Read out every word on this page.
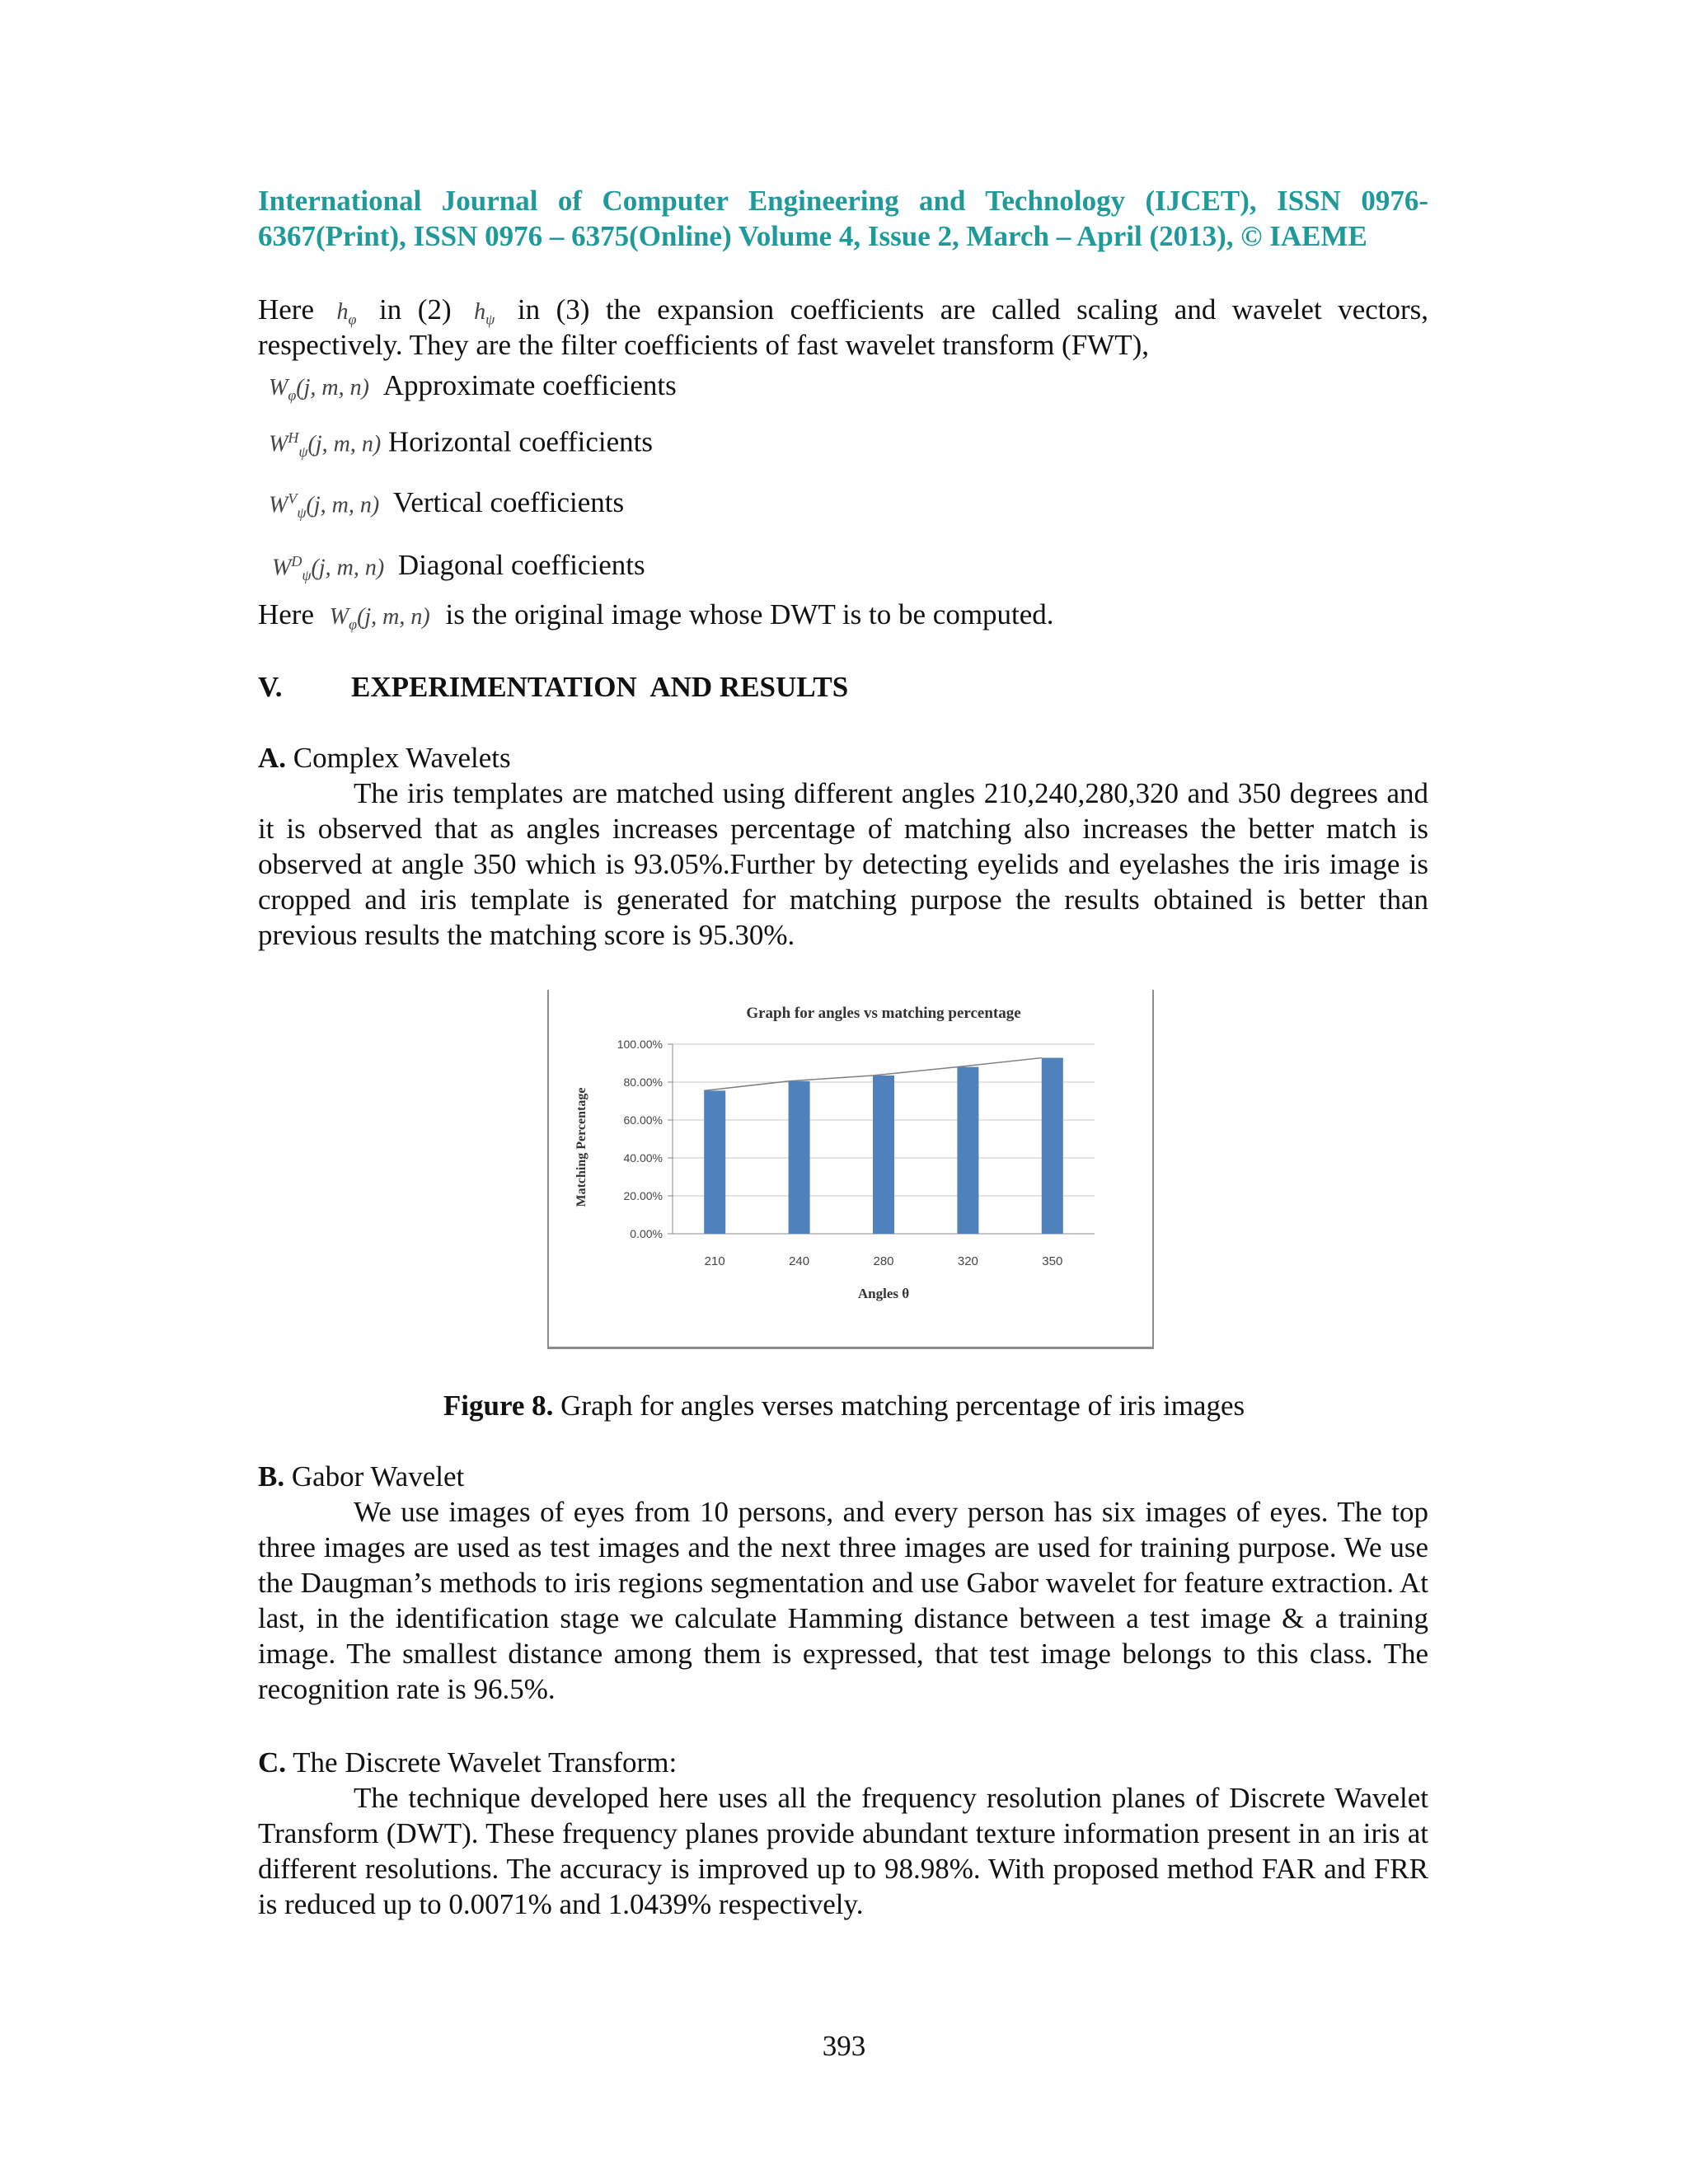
International Journal of Computer Engineering and Technology (IJCET), ISSN 0976-
6367(Print), ISSN 0976 – 6375(Online) Volume 4, Issue 2, March – April (2013), © IAEME
Here $h_\varphi$ in (2) $h_\psi$ in (3) the expansion coefficients are called scaling and wavelet vectors,
respectively. They are the filter coefficients of fast wavelet transform (FWT),
$W_\varphi(j$, m, n) Approximate coefficients
$W^H_\psi(j$, m, n) Horizontal coefficients
$W^V_\psi(j$, m, n) Vertical coefficients
$W^D_\psi(j$, m, n) Diagonal coefficients
Here $W_\varphi(j$, m, n) is the original image whose DWT is to be computed.
V. EXPERIMENTATION  AND RESULTS
A. Complex Wavelets

The iris templates are matched using different angles 210,240,280,320 and 350 degrees and it is observed that as angles increases percentage of matching also increases the better match is observed at angle 350 which is 93.05%.Further by detecting eyelids and eyelashes the iris image is cropped and iris template is generated for matching purpose the results obtained is better than previous results the matching score is 95.30%.

Graph for angles vs matching percentage
0.00%
20.00%
40.00%
60.00%
80.00%
100.00%
210	240	280	320	350
Angles θ
Matching Percentage
Figure 8. Graph for angles verses matching percentage of iris images
B. Gabor Wavelet

We use images of eyes from 10 persons, and every person has six images of eyes. The top three images are used as test images and the next three images are used for training purpose. We use the Daugman’s methods to iris regions segmentation and use Gabor wavelet for feature extraction. At last, in the identification stage we calculate Hamming distance between a test image & a training image. The smallest distance among them is expressed, that test image belongs to this class. The recognition rate is 96.5%.

C. The Discrete Wavelet Transform:

The technique developed here uses all the frequency resolution planes of Discrete Wavelet Transform (DWT). These frequency planes provide abundant texture information present in an iris at different resolutions. The accuracy is improved up to 98.98%. With proposed method FAR and FRR is reduced up to 0.0071% and 1.0439% respectively.

393
